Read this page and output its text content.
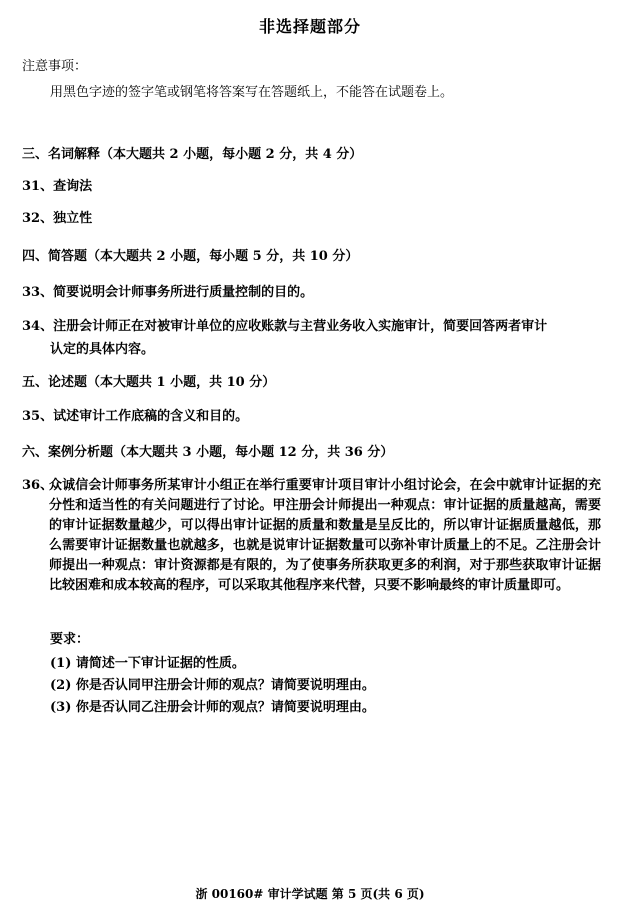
非选择题部分
注意事项：
用黑色字迹的签字笔或钢笔将答案写在答题纸上，不能答在试题卷上。
三、名词解释（本大题共 2 小题，每小题 2 分，共 4 分）
31、查询法
32、独立性
四、简答题（本大题共 2 小题，每小题 5 分，共 10 分）
33、简要说明会计师事务所进行质量控制的目的。
34、注册会计师正在对被审计单位的应收账款与主营业务收入实施审计，简要回答两者审计
认定的具体内容。
五、论述题（本大题共 1 小题，共 10 分）
35、试述审计工作底稿的含义和目的。
六、案例分析题（本大题共 3 小题，每小题 12 分，共 36 分）
36、
众诚信会计师事务所某审计小组正在举行重要审计项目审计小组讨论会，在会中就审计证据的充分性和适当性的有关问题进行了讨论。甲注册会计师提出一种观点：审计证据的质量越高，需要的审计证据数量越少，可以得出审计证据的质量和数量是呈反比的，所以审计证据质量越低，那么需要审计证据数量也就越多，也就是说审计证据数量可以弥补审计质量上的不足。乙注册会计师提出一种观点：审计资源都是有限的，为了使事务所获取更多的利润，对于那些获取审计证据比较困难和成本较高的程序，可以采取其他程序来代替，只要不影响最终的审计质量即可。
要求：
(1) 请简述一下审计证据的性质。
(2) 你是否认同甲注册会计师的观点？请简要说明理由。
(3) 你是否认同乙注册会计师的观点？请简要说明理由。
浙 00160# 审计学试题 第 5 页(共 6 页)
